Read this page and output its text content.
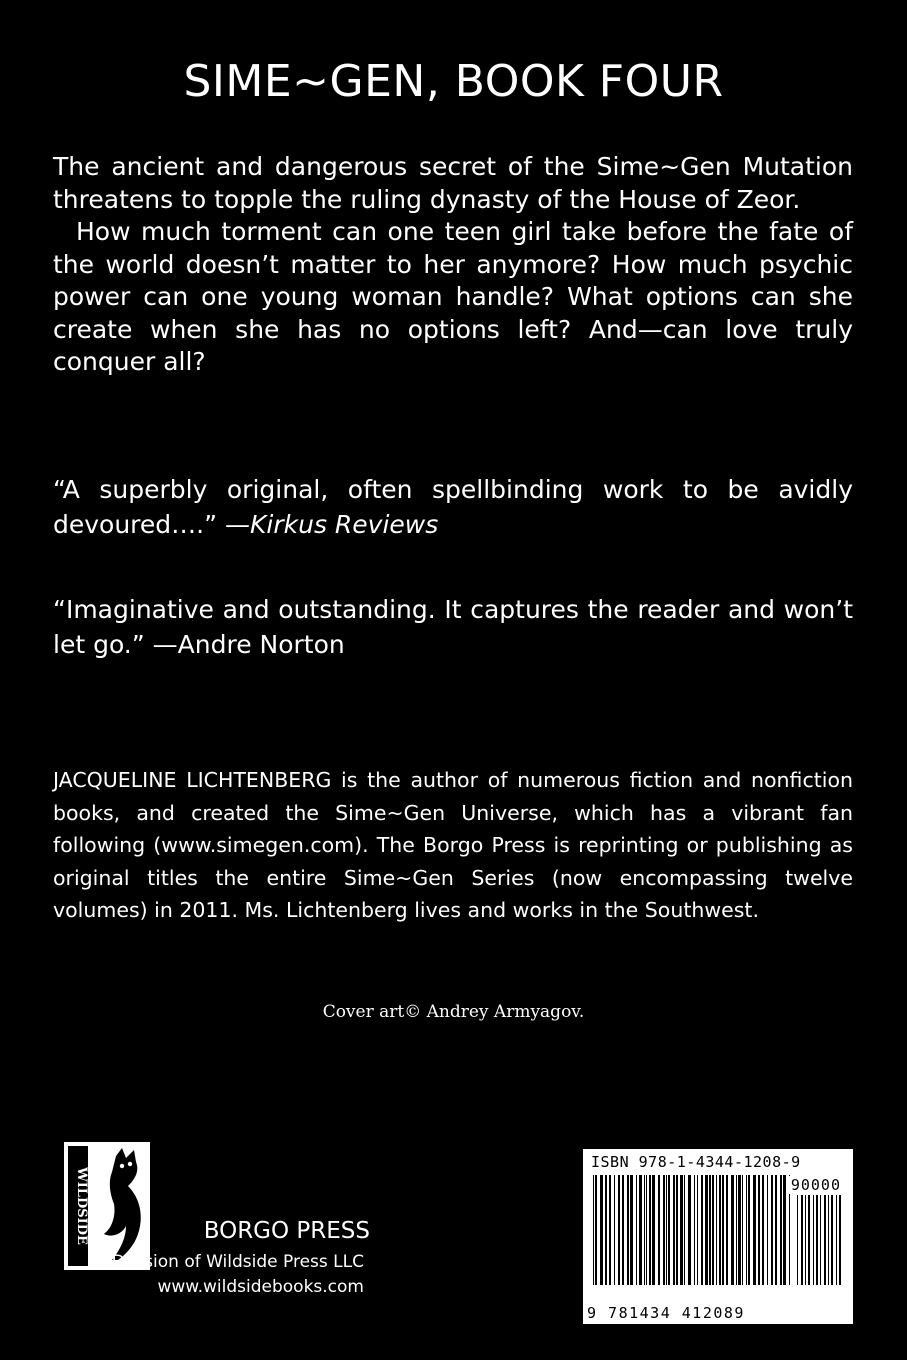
SIME~GEN, BOOK FOUR

The ancient and dangerous secret of the Sime~Gen Mutation threatens to topple the ruling dynasty of the House of Zeor.

How much torment can one teen girl take before the fate of the world doesn’t matter to her anymore? How much psychic power can one young woman handle? What options can she create when she has no options left? And—can love truly conquer all?

“A superbly original, often spellbinding work to be avidly devoured….” —Kirkus Reviews
“Imaginative and outstanding. It captures the reader and won’t let go.” —Andre Norton
JACQUELINE LICHTENBERG is the author of numerous fiction and nonfiction books, and created the Sime~Gen Universe, which has a vibrant fan following (www.simegen.com). The Borgo Press is reprinting or publishing as original titles the entire Sime~Gen Series (now encompassing twelve volumes) in 2011. Ms. Lichtenberg lives and works in the Southwest.
Cover art© Andrey Armyagov.
WILDSIDE	BORGO PRESS
A Division of Wildside Press LLC
www.wildsidebooks.com
ISBN 978-1-4344-1208-9
90000
9 781434 412089
